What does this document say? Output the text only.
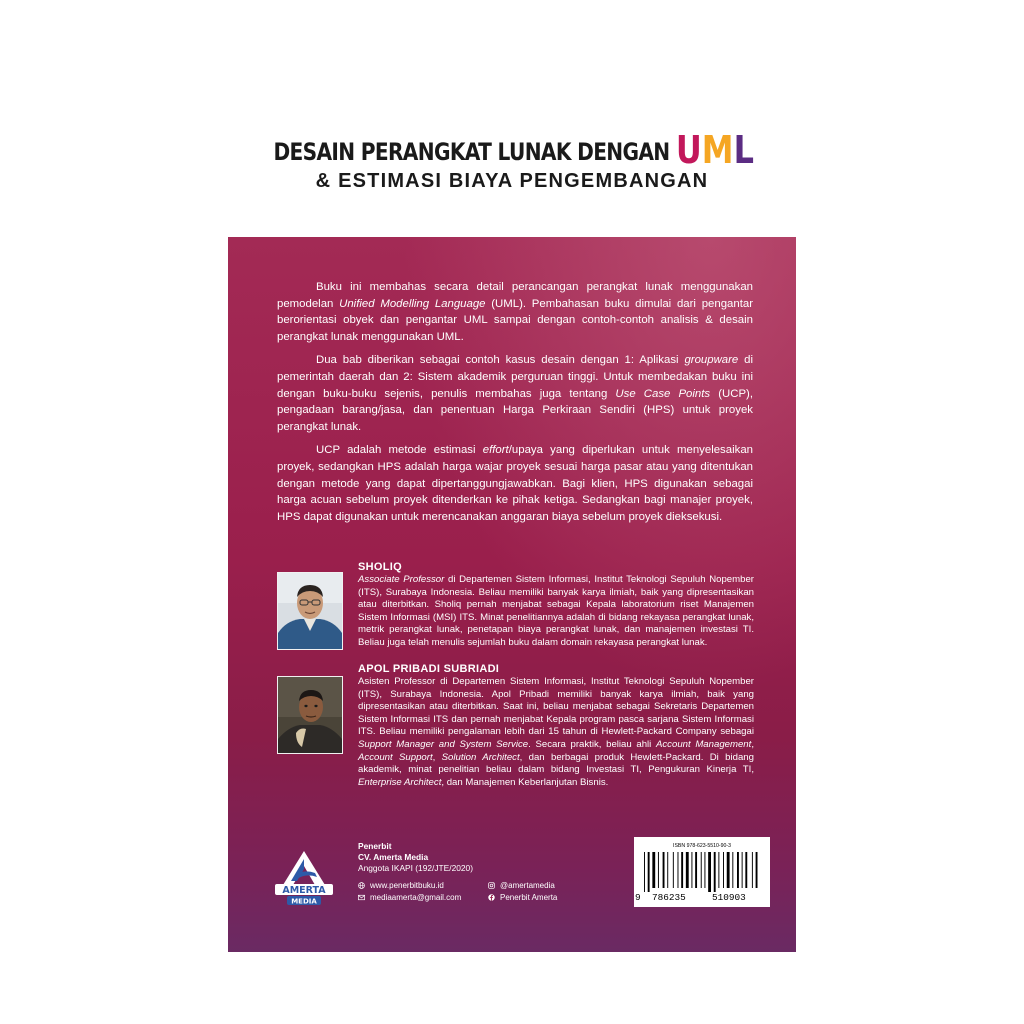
DESAIN PERANGKAT LUNAK DENGAN UML
& ESTIMASI BIAYA PENGEMBANGAN

Buku ini membahas secara detail perancangan perangkat lunak menggunakan pemodelan Unified Modelling Language (UML). Pembahasan buku dimulai dari pengantar berorientasi obyek dan pengantar UML sampai dengan contoh-contoh analisis & desain perangkat lunak menggunakan UML.

Dua bab diberikan sebagai contoh kasus desain dengan 1: Aplikasi groupware di pemerintah daerah dan 2: Sistem akademik perguruan tinggi. Untuk membedakan buku ini dengan buku-buku sejenis, penulis membahas juga tentang Use Case Points (UCP), pengadaan barang/jasa, dan penentuan Harga Perkiraan Sendiri (HPS) untuk proyek perangkat lunak.

UCP adalah metode estimasi effort/upaya yang diperlukan untuk menyelesaikan proyek, sedangkan HPS adalah harga wajar proyek sesuai harga pasar atau yang ditentukan dengan metode yang dapat dipertanggungjawabkan. Bagi klien, HPS digunakan sebagai harga acuan sebelum proyek ditenderkan ke pihak ketiga. Sedangkan bagi manajer proyek, HPS dapat digunakan untuk merencanakan anggaran biaya sebelum proyek dieksekusi.

SHOLIQ
Associate Professor di Departemen Sistem Informasi, Institut Teknologi Sepuluh Nopember (ITS), Surabaya Indonesia. Beliau memiliki banyak karya ilmiah, baik yang dipresentasikan atau diterbitkan. Sholiq pernah menjabat sebagai Kepala laboratorium riset Manajemen Sistem Informasi (MSI) ITS. Minat penelitiannya adalah di bidang rekayasa perangkat lunak, metrik perangkat lunak, penetapan biaya perangkat lunak, dan manajemen investasi TI. Beliau juga telah menulis sejumlah buku dalam domain rekayasa perangkat lunak.
APOL PRIBADI SUBRIADI
Asisten Professor di Departemen Sistem Informasi, Institut Teknologi Sepuluh Nopember (ITS), Surabaya Indonesia. Apol Pribadi memiliki banyak karya ilmiah, baik yang dipresentasikan atau diterbitkan. Saat ini, beliau menjabat sebagai Sekretaris Departemen Sistem Informasi ITS dan pernah menjabat Kepala program pasca sarjana Sistem Informasi ITS. Beliau memiliki pengalaman lebih dari 15 tahun di Hewlett-Packard Company sebagai Support Manager and System Service. Secara praktik, beliau ahli Account Management, Account Support, Solution Architect, dan berbagai produk Hewlett-Packard. Di bidang akademik, minat penelitian beliau dalam bidang Investasi TI, Pengukuran Kinerja TI, Enterprise Architect, dan Manajemen Keberlanjutan Bisnis.
AMERTA
MEDIA
Penerbit
CV. Amerta Media
Anggota IKAPI (192/JTE/2020)
www.penerbitbuku.id	@amertamedia
mediaamerta@gmail.com	Penerbit Amerta
ISBN 978-623-5510-90-3
9 786235	510903
